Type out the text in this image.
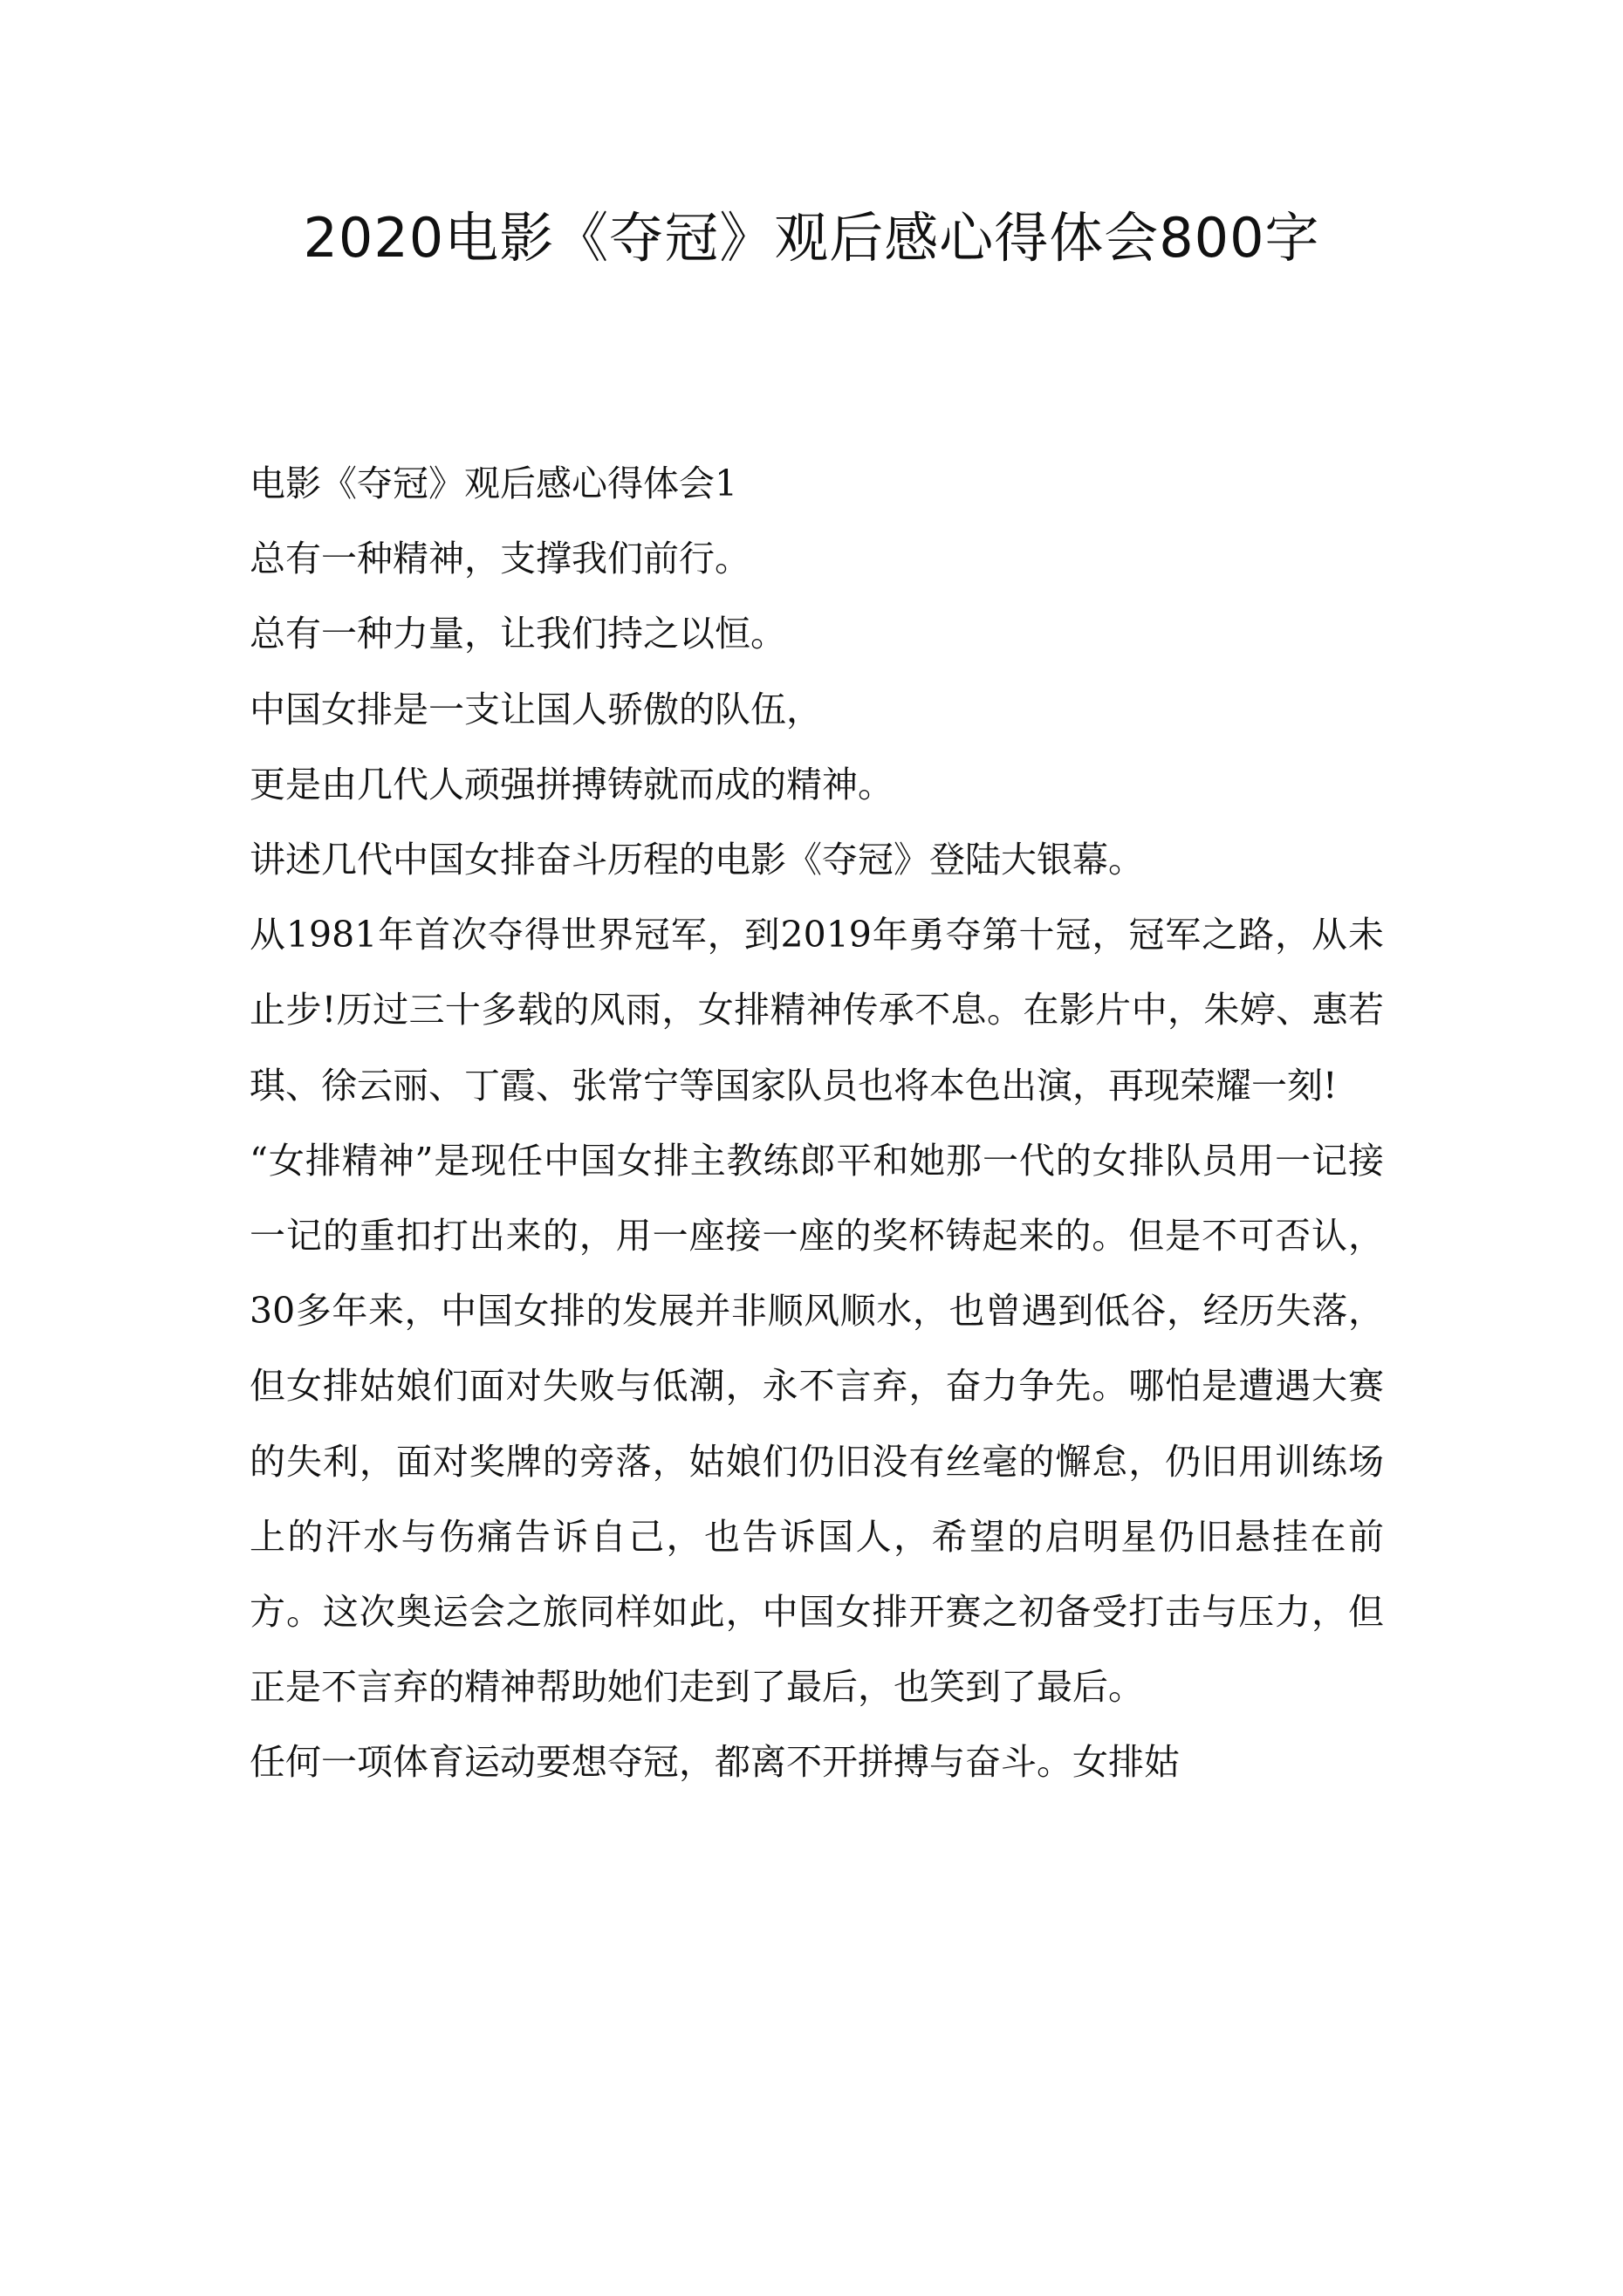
2020电影《夺冠》观后感心得体会800字

电影《夺冠》观后感心得体会1

总有一种精神，支撑我们前行。

总有一种力量，让我们持之以恒。

中国女排是一支让国人骄傲的队伍，

更是由几代人顽强拼搏铸就而成的精神。

讲述几代中国女排奋斗历程的电影《夺冠》登陆大银幕。

从1981年首次夺得世界冠军，到2019年勇夺第十冠，冠军之路，从未止步!历过三十多载的风雨，女排精神传承不息。在影片中，朱婷、惠若琪、徐云丽、丁霞、张常宁等国家队员也将本色出演，再现荣耀一刻!

“女排精神”是现任中国女排主教练郎平和她那一代的女排队员用一记接一记的重扣打出来的，用一座接一座的奖杯铸起来的。但是不可否认，30多年来，中国女排的发展并非顺风顺水，也曾遇到低谷，经历失落，但女排姑娘们面对失败与低潮，永不言弃，奋力争先。哪怕是遭遇大赛的失利，面对奖牌的旁落，姑娘们仍旧没有丝毫的懈怠，仍旧用训练场上的汗水与伤痛告诉自己，也告诉国人，希望的启明星仍旧悬挂在前方。这次奥运会之旅同样如此，中国女排开赛之初备受打击与压力，但正是不言弃的精神帮助她们走到了最后，也笑到了最后。

任何一项体育运动要想夺冠，都离不开拼搏与奋斗。女排姑
